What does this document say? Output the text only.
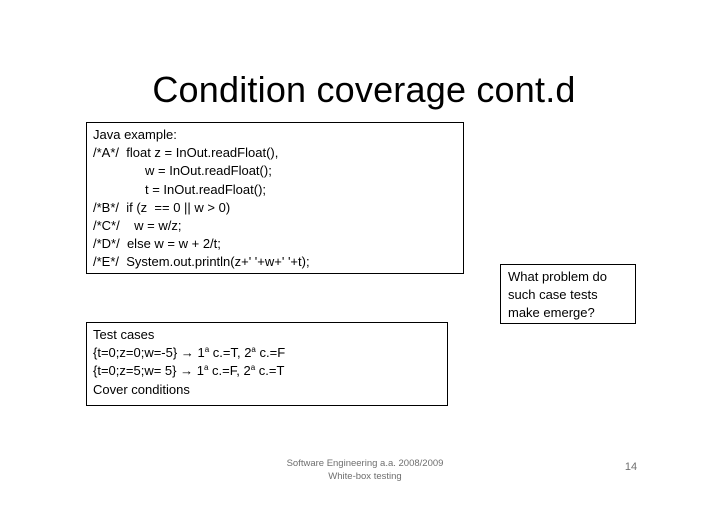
Condition coverage cont.d
Java example:
/*A*/  float z = InOut.readFloat(),
w = InOut.readFloat();
t = InOut.readFloat();
/*B*/  if (z  == 0 || w > 0)
/*C*/    w = w/z;
/*D*/  else w = w + 2/t;
/*E*/  System.out.println(z+' '+w+' '+t);
What problem do
such case tests
make emerge?
Test cases
{t=0;z=0;w=-5} → $1^a$ c.=T, 2$^a$ c.=F
{t=0;z=5;w= $5\} \to 1^a$ c.=F, 2$^a$ c.=T
Cover conditions
Software Engineering a.a. 2008/2009
White-box testing
14
